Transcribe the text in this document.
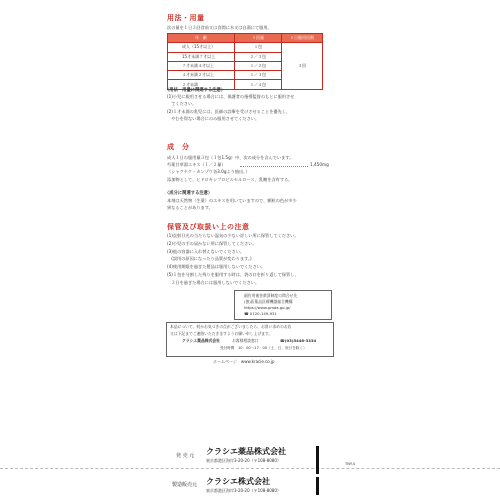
用法・用量
次の量を１日３回食前又は食間に水又は白湯にて服用。
年　齢	１回量	１日服用回数
成人（15才以上）	１包	３回
15才未満７才以上	２／３包	
７才未満４才以上	１／２包	
４才未満２才以上	１／３包	
２才未満	１／４包	
〈用法・用量に関連する注意〉
(1)小児に服用させる場合には、保護者の指導監督のもとに服用させ
　てください。
(2)１才未満の乳児には、医師の診療を受けさせることを優先し、
　やむを得ない場合にのみ服用させてください。
成　分
成人１日の服用量３包（１包1.5g）中、次の成分を含んでいます。
芍薬甘草湯エキス（１／２量）	1,450mg
（シャクヤク・カンゾウ各3.0gより抽出。）
添加物として、ヒドロキシプロピルセルロース、乳糖を含有する。
〈成分に関連する注意〉
本剤は天然物（生薬）のエキスを用いていますので、顆粒の色が多少
異なることがあります。
保管及び取扱い上の注意
(1)直射日光の当たらない湿気の少ない涼しい所に保管してください。
(2)小児の手の届かない所に保管してください。
(3)他の容器に入れ替えないでください。
　(誤用の原因になったり品質が変わります。)
(4)使用期限を過ぎた製品は服用しないでください。
(5)１包を分割した残りを服用する時は、袋の口を折り返して保管し、
　２日を過ぎた場合には服用しないでください。
副作用被害救済制度の問合せ先
(独)医薬品医療機器総合機構
https://www.pmda.go.jp/
☎ 0120-149-931
本品について、何かお気づきの点がございましたら、お買い求めのお店
又は下記までご連絡いただきますようお願い申し上げます。
クラシエ薬品株式会社	お客様相談窓口	☎(03)5446-3334
受付時間　10：00～17：00（土、日、祝日を除く）
ホームページ　www.kracie.co.jp
TNY-S
発 売 元 クラシエ薬品株式会社
東京都港区海岸3-20-20（〒108-8080）
製造販売元 クラシエ株式会社
東京都港区海岸3-20-20（〒108-8080）
